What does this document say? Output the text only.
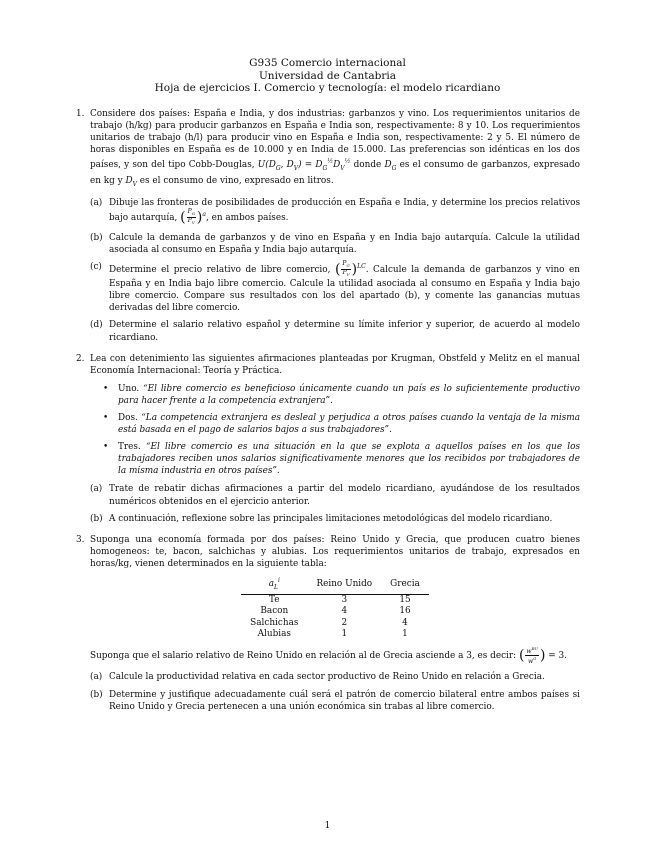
G935 Comercio internacional
Universidad de Cantabria
Hoja de ejercicios I. Comercio y tecnología: el modelo ricardiano
1. Considere dos países: España e India, y dos industrias: garbanzos y vino. Los requerimientos unitarios de trabajo (h/kg) para producir garbanzos en España e India son, respectivamente: 8 y 10. Los requerimientos unitarios de trabajo (h/l) para producir vino en España e India son, respectivamente: 2 y 5. El número de horas disponibles en España es de 10.000 y en India de 15.000. Las preferencias son idénticas en los dos países, y son del tipo Cobb-Douglas, $U(D_G$, $D_V) = D_G^{\frac{1}{2}}D_V^{\frac{1}{2}}$ donde $D_G$ es el consumo de garbanzos, expresado en kg y $D_V$ es el consumo de vino, expresado en litros.
(a) Dibuje las fronteras de posibilidades de producción en España e India, y determine los precios relativos bajo autarquía, ( $\frac{P_G}{P_V} )^a$, en ambos países.
(b) Calcule la demanda de garbanzos y de vino en España y en India bajo autarquía. Calcule la utilidad asociada al consumo en España y India bajo autarquía.
(c) Determine el precio relativo de libre comercio, ( $\frac{P_G}{P_V} )^{LC}$. Calcule la demanda de garbanzos y vino en España y en India bajo libre comercio. Calcule la utilidad asociada al consumo en España y India bajo libre comercio. Compare sus resultados con los del apartado (b), y comente las ganancias mutuas derivadas del libre comercio.
(d) Determine el salario relativo español y determine su límite inferior y superior, de acuerdo al modelo ricardiano.
2. Lea con detenimiento las siguientes afirmaciones planteadas por Krugman, Obstfeld y Melitz en el manual Economía Internacional: Teoría y Práctica.
• Uno. “El libre comercio es beneficioso únicamente cuando un país es lo suficientemente productivo para hacer frente a la competencia extranjera”.
• Dos. “La competencia extranjera es desleal y perjudica a otros países cuando la ventaja de la misma está basada en el pago de salarios bajos a sus trabajadores”.
• Tres. “El libre comercio es una situación en la que se explota a aquellos países en los que los trabajadores reciben unos salarios significativamente menores que los recibidos por trabajadores de la misma industria en otros países”.
(a) Trate de rebatir dichas afirmaciones a partir del modelo ricardiano, ayudándose de los resultados numéricos obtenidos en el ejercicio anterior.
(b) A continuación, reflexione sobre las principales limitaciones metodológicas del modelo ricardiano.
3. Suponga una economía formada por dos países: Reino Unido y Grecia, que producen cuatro bienes homogeneos: te, bacon, salchichas y alubias. Los requerimientos unitarios de trabajo, expresados en horas/kg, vienen determinados en la siguiente tabla:
$a_L^i$	Reino Unido	Grecia
Te	3	15
Bacon	4	16
Salchichas	2	4
Alubias	1	1
Suponga que el salario relativo de Reino Unido en relación al de Grecia asciende a 3, es decir: ( $\frac{w^{RU}}{w^G}$ ) = 3.
(a) Calcule la productividad relativa en cada sector productivo de Reino Unido en relación a Grecia.
(b) Determine y justifique adecuadamente cuál será el patrón de comercio bilateral entre ambos países si Reino Unido y Grecia pertenecen a una unión económica sin trabas al libre comercio.
1
